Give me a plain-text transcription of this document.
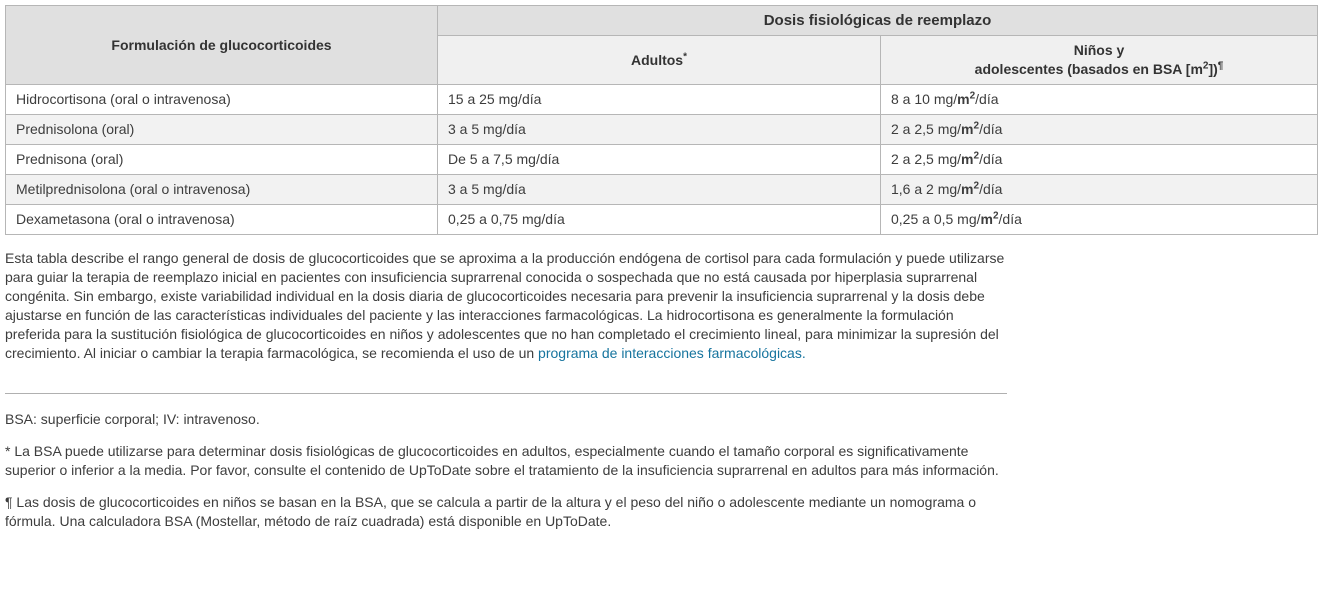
Formulación de glucocorticoides	Dosis fisiológicas de reemplazo	
	Adultos*	Niños y
adolescentes (basados en BSA $[m^2])^\P$
Hidrocortisona (oral o intravenosa)	15 a 25 mg/día	8 a 10 $mg/m^2$/día
Prednisolona (oral)	3 a 5 mg/día	2 a 2,5 $mg/m^2$/día
Prednisona (oral)	De 5 a 7,5 mg/día	2 a 2,5 $mg/m^2$/día
Metilprednisolona (oral o intravenosa)	3 a 5 mg/día	1,6 a 2 $mg/m^2$/día
Dexametasona (oral o intravenosa)	0,25 a 0,75 mg/día	0,25 a 0,5 $mg/m^2$/día
Esta tabla describe el rango general de dosis de glucocorticoides que se aproxima a la producción endógena de cortisol para cada formulación y puede utilizarse para guiar la terapia de reemplazo inicial en pacientes con insuficiencia suprarrenal conocida o sospechada que no está causada por hiperplasia suprarrenal congénita. Sin embargo, existe variabilidad individual en la dosis diaria de glucocorticoides necesaria para prevenir la insuficiencia suprarrenal y la dosis debe ajustarse en función de las características individuales del paciente y las interacciones farmacológicas. La hidrocortisona es generalmente la formulación preferida para la sustitución fisiológica de glucocorticoides en niños y adolescentes que no han completado el crecimiento lineal, para minimizar la supresión del crecimiento. Al iniciar o cambiar la terapia farmacológica, se recomienda el uso de un programa de interacciones farmacológicas.

BSA: superficie corporal; IV: intravenoso.

* La BSA puede utilizarse para determinar dosis fisiológicas de glucocorticoides en adultos, especialmente cuando el tamaño corporal es significativamente superior o inferior a la media. Por favor, consulte el contenido de UpToDate sobre el tratamiento de la insuficiencia suprarrenal en adultos para más información.

¶ Las dosis de glucocorticoides en niños se basan en la BSA, que se calcula a partir de la altura y el peso del niño o adolescente mediante un nomograma o fórmula. Una calculadora BSA (Mostellar, método de raíz cuadrada) está disponible en UpToDate.
